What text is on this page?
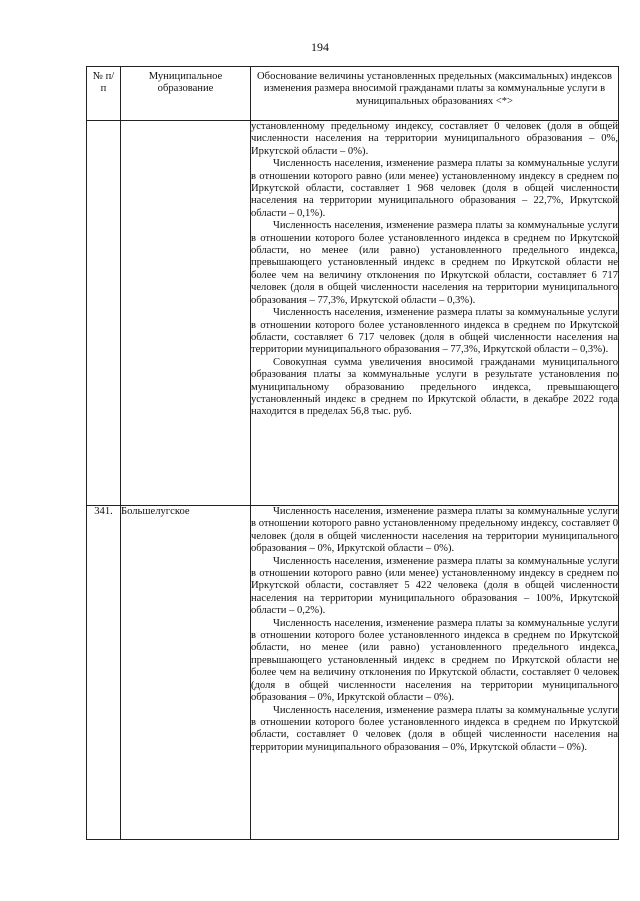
194
№ п/п	Муниципальное образование	Обоснование величины установленных предельных (максимальных) индексов изменения размера вносимой гражданами платы за коммунальные услуги в муниципальных образованиях <*>

		установленному предельному индексу, составляет 0 человек (доля в общей численности населения на территории муниципального образования – 0%, Иркутской области – 0%).

Численность населения, изменение размера платы за коммунальные услуги в отношении которого равно (или менее) установленному индексу в среднем по Иркутской области, составляет 1 968 человек (доля в общей численности населения на территории муниципального образования – 22,7%, Иркутской области – 0,1%).

Численность населения, изменение размера платы за коммунальные услуги в отношении которого более установленного индекса в среднем по Иркутской области, но менее (или равно) установленного предельного индекса, превышающего установленный индекс в среднем по Иркутской области не более чем на величину отклонения по Иркутской области, составляет 6 717 человек (доля в общей численности населения на территории муниципального образования – 77,3%, Иркутской области – 0,3%).

Численность населения, изменение размера платы за коммунальные услуги в отношении которого более установленного индекса в среднем по Иркутской области, составляет 6 717 человек (доля в общей численности населения на территории муниципального образования – 77,3%, Иркутской области – 0,3%).

Совокупная сумма увеличения вносимой гражданами муниципального образования платы за коммунальные услуги в результате установления по муниципальному образованию предельного индекса, превышающего установленный индекс в среднем по Иркутской области, в декабре 2022 года находится в пределах 56,8 тыс. руб.

341.	Большелугское	Численность населения, изменение размера платы за коммунальные услуги в отношении которого равно установленному предельному индексу, составляет 0 человек (доля в общей численности населения на территории муниципального образования – 0%, Иркутской области – 0%).

Численность населения, изменение размера платы за коммунальные услуги в отношении которого равно (или менее) установленному индексу в среднем по Иркутской области, составляет 5 422 человека (доля в общей численности населения на территории муниципального образования – 100%, Иркутской области – 0,2%).

Численность населения, изменение размера платы за коммунальные услуги в отношении которого более установленного индекса в среднем по Иркутской области, но менее (или равно) установленного предельного индекса, превышающего установленный индекс в среднем по Иркутской области не более чем на величину отклонения по Иркутской области, составляет 0 человек (доля в общей численности населения на территории муниципального образования – 0%, Иркутской области – 0%).

Численность населения, изменение размера платы за коммунальные услуги в отношении которого более установленного индекса в среднем по Иркутской области, составляет 0 человек (доля в общей численности населения на территории муниципального образования – 0%, Иркутской области – 0%).
